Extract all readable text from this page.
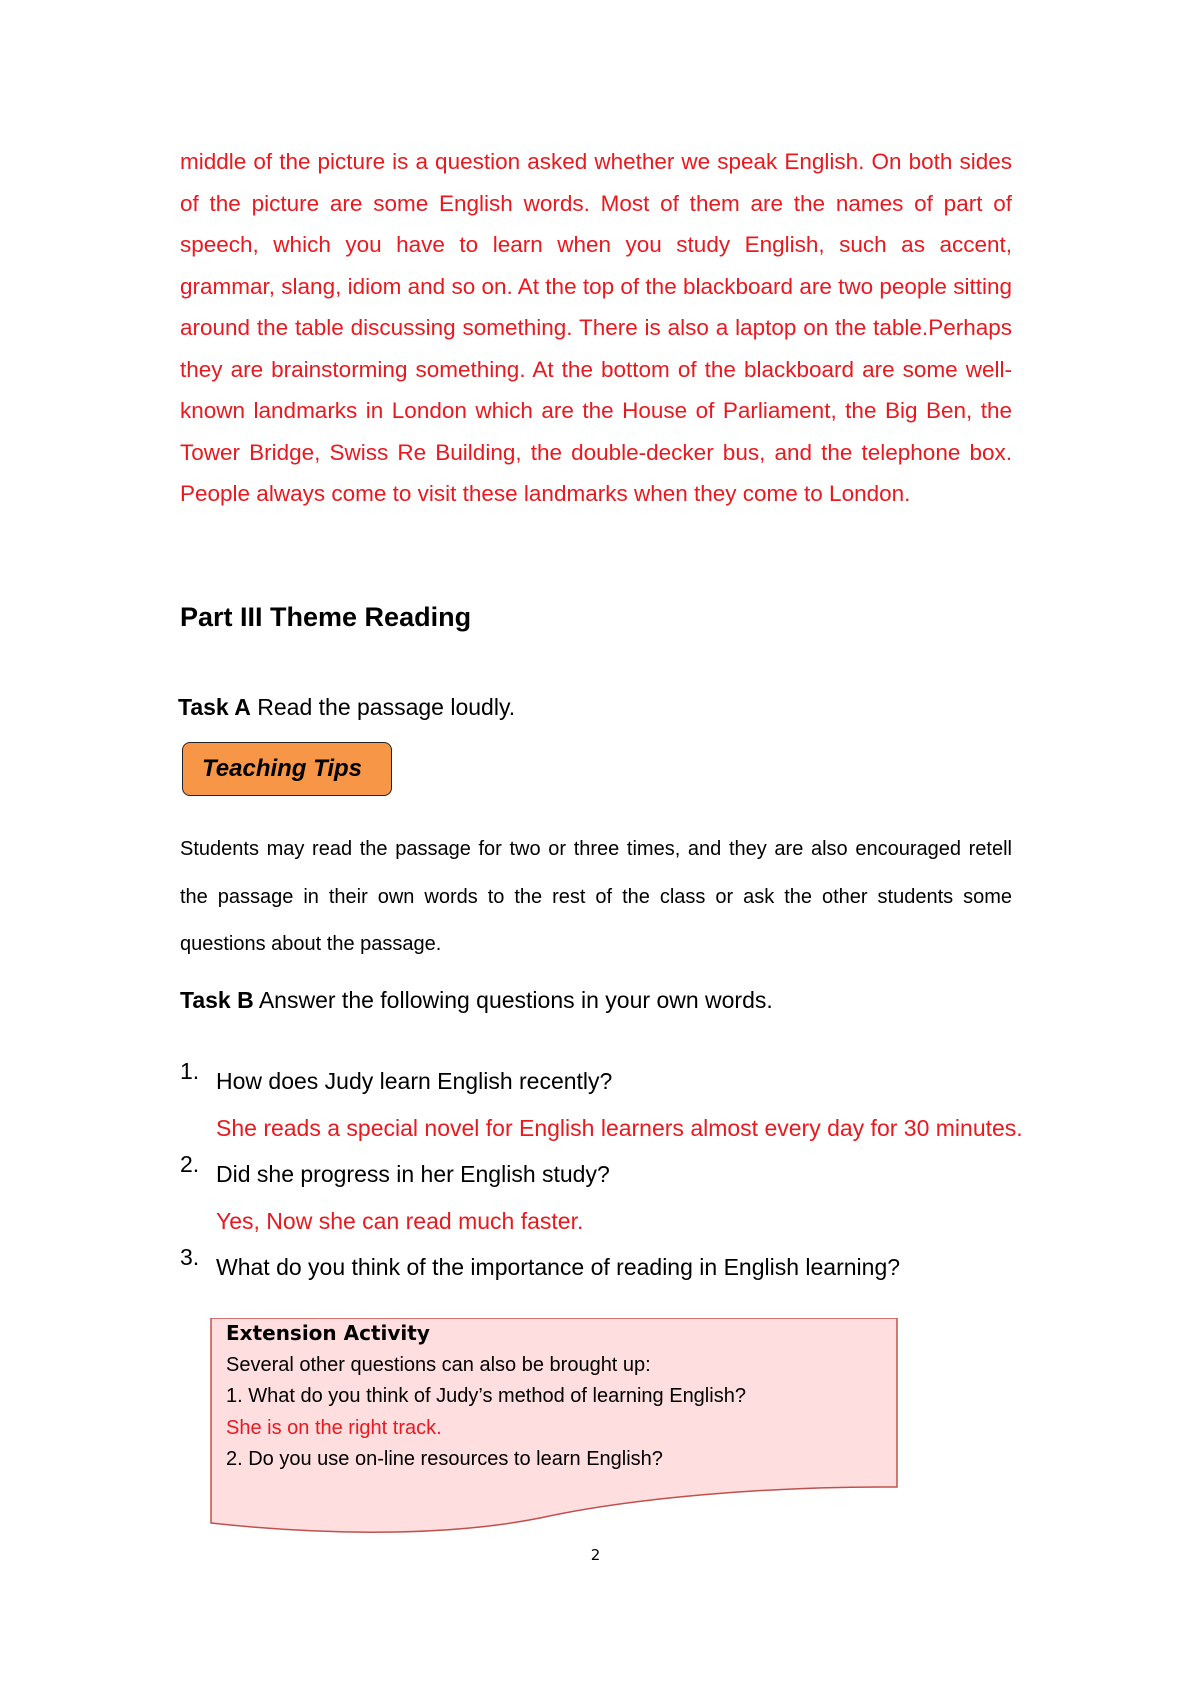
middle of the picture is a question asked whether we speak English. On both sides of the picture are some English words. Most of them are the names of part of speech, which you have to learn when you study English, such as accent, grammar, slang, idiom and so on. At the top of the blackboard are two people sitting around the table discussing something. There is also a laptop on the table.Perhaps they are brainstorming something. At the bottom of the blackboard are some well-known landmarks in London which are the House of Parliament, the Big Ben, the Tower Bridge, Swiss Re Building, the double-decker bus, and the telephone box. People always come to visit these landmarks when they come to London.

Part III Theme Reading

Task A Read the passage loudly.

Teaching Tips

Students may read the passage for two or three times, and they are also encouraged retell the passage in their own words to the rest of the class or ask the other students some questions about the passage.

Task B Answer the following questions in your own words.

1. How does Judy learn English recently?
She reads a special novel for English learners almost every day for 30 minutes.
2. Did she progress in her English study?
Yes, Now she can read much faster.
3. What do you think of the importance of reading in English learning?
Extension Activity
Several other questions can also be brought up:
1. What do you think of Judy’s method of learning English?
She is on the right track.
2. Do you use on-line resources to learn English?
2
